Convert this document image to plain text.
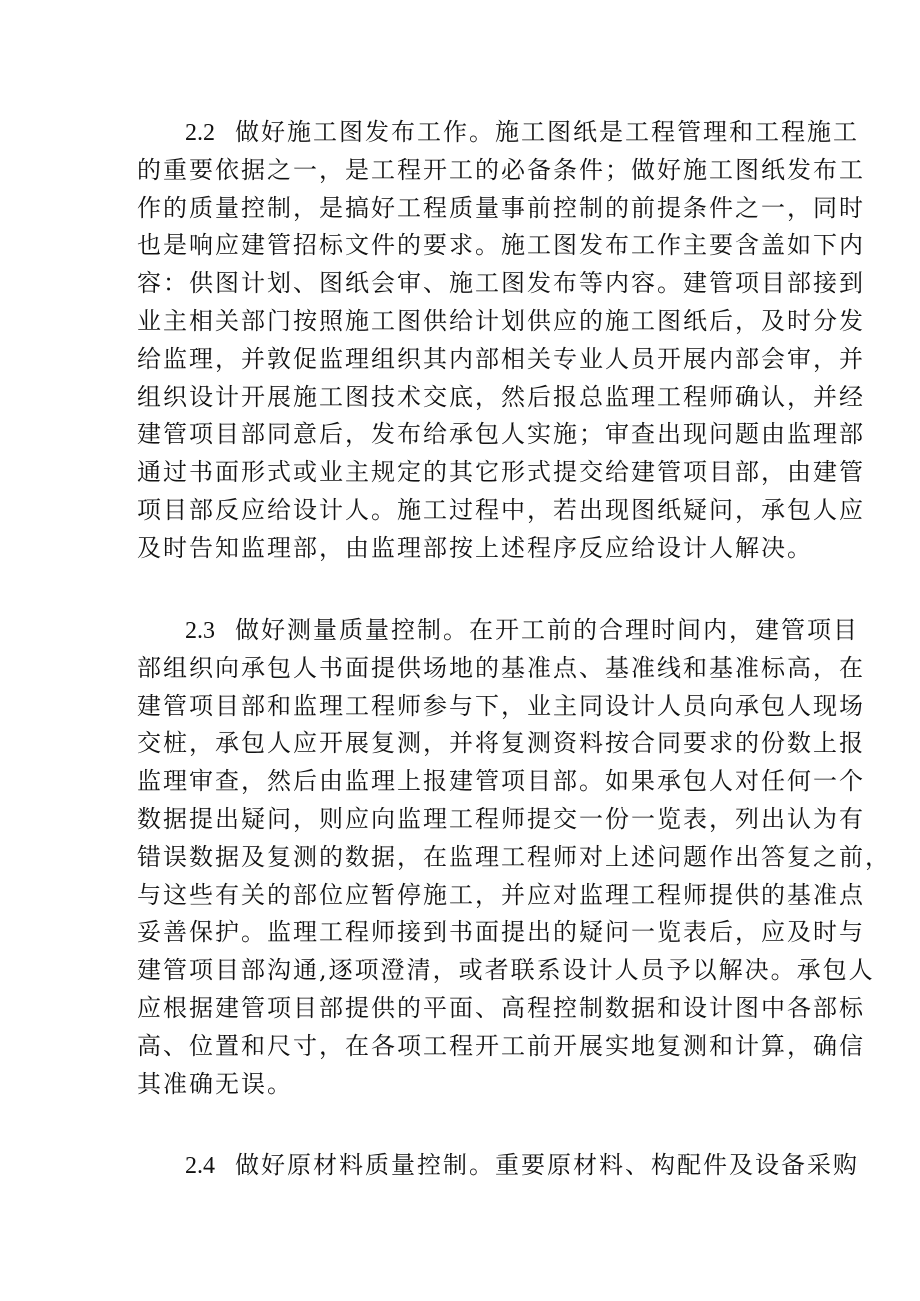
2.2 做好施工图发布工作。施工图纸是工程管理和工程施工
的重要依据之一，是工程开工的必备条件；做好施工图纸发布工
作的质量控制，是搞好工程质量事前控制的前提条件之一，同时
也是响应建管招标文件的要求。施工图发布工作主要含盖如下内
容：供图计划、图纸会审、施工图发布等内容。建管项目部接到
业主相关部门按照施工图供给计划供应的施工图纸后，及时分发
给监理，并敦促监理组织其内部相关专业人员开展内部会审，并
组织设计开展施工图技术交底，然后报总监理工程师确认，并经
建管项目部同意后，发布给承包人实施；审查出现问题由监理部
通过书面形式或业主规定的其它形式提交给建管项目部，由建管
项目部反应给设计人。施工过程中，若出现图纸疑问，承包人应
及时告知监理部，由监理部按上述程序反应给设计人解决。
2.3 做好测量质量控制。在开工前的合理时间内，建管项目
部组织向承包人书面提供场地的基准点、基准线和基准标高，在
建管项目部和监理工程师参与下，业主同设计人员向承包人现场
交桩，承包人应开展复测，并将复测资料按合同要求的份数上报
监理审查，然后由监理上报建管项目部。如果承包人对任何一个
数据提出疑问，则应向监理工程师提交一份一览表，列出认为有
错误数据及复测的数据，在监理工程师对上述问题作出答复之前，
与这些有关的部位应暂停施工，并应对监理工程师提供的基准点
妥善保护。监理工程师接到书面提出的疑问一览表后，应及时与
建管项目部沟通,逐项澄清，或者联系设计人员予以解决。承包人
应根据建管项目部提供的平面、高程控制数据和设计图中各部标
高、位置和尺寸，在各项工程开工前开展实地复测和计算，确信
其准确无误。
2.4 做好原材料质量控制。重要原材料、构配件及设备采购
